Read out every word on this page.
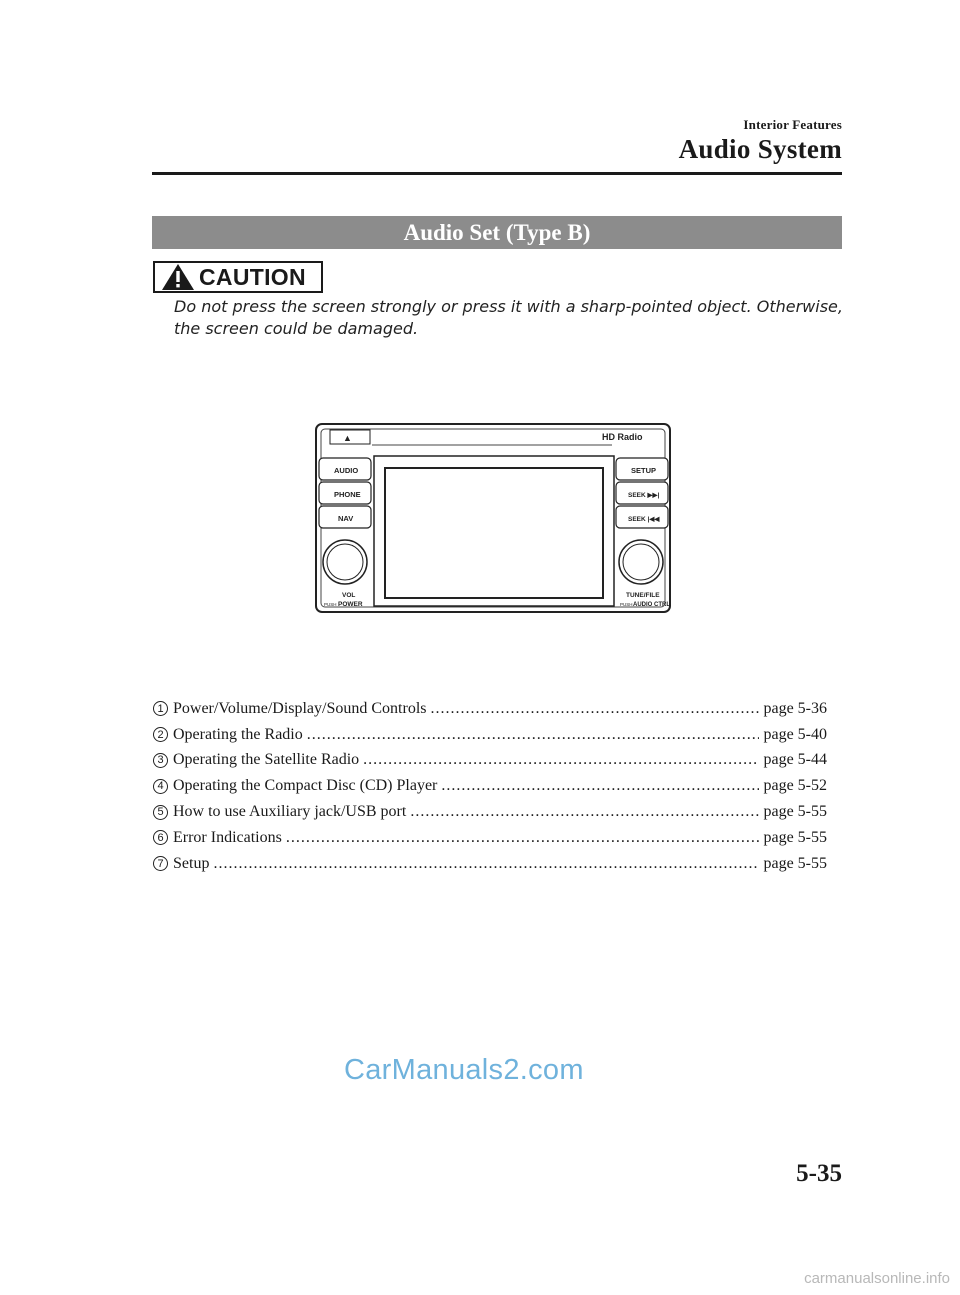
Interior Features
Audio System
Audio Set (Type B)
CAUTION
Do not press the screen strongly or press it with a sharp-pointed object. Otherwise,
the screen could be damaged.
▲	HD Radio
AUDIO
PHONE
NAV
SETUP
SEEK ▶▶|
SEEK |◀◀
VOL
PUSH POWER
TUNE/FILE
PUSH AUDIO CTRL
1 Power/Volume/Display/Sound Controls .....	page 5-36
2 Operating the Radio .....	page 5-40
3 Operating the Satellite Radio .....	page 5-44
4 Operating the Compact Disc (CD) Player .....	page 5-52
5 How to use Auxiliary jack/USB port .....	page 5-55
6 Error Indications .....	page 5-55
7 Setup .....	page 5-55
CarManuals2.com
5-35
carmanualsonline.info
